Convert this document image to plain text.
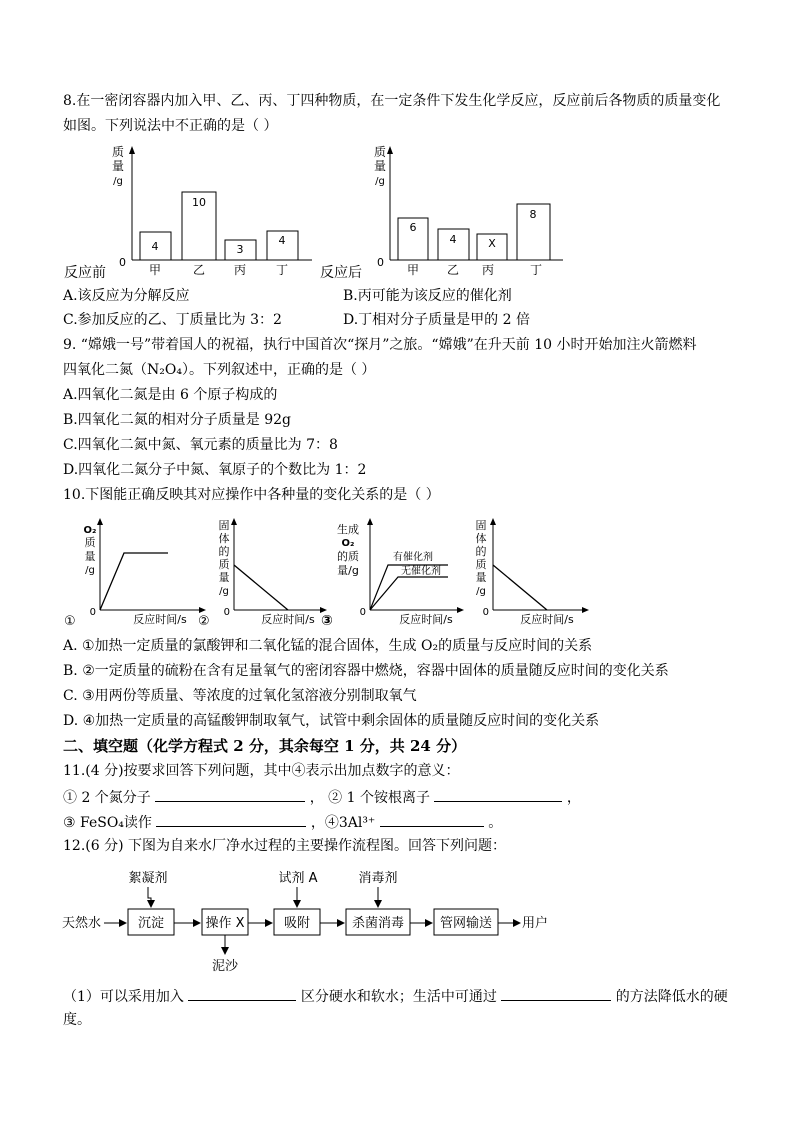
8.在一密闭容器内加入甲、乙、丙、丁四种物质，在一定条件下发生化学反应，反应前后各物质的质量变化
如图。下列说法中不正确的是（ ）
质
量
/g
0
4
10
3
4
甲	乙 丙 丁
反应前
质
量
/g
0
6
4	X
8
甲 乙 丙	丁
反应后
A.该反应为分解反应	B.丙可能为该反应的催化剂
C.参加反应的乙、丁质量比为 3：2	D.丁相对分子质量是甲的 2 倍
9. “嫦娥一号”带着国人的祝福，执行中国首次“探月”之旅。“嫦娥”在升天前 10 小时开始加注火箭燃料
四氧化二氮（N₂O₄）。下列叙述中，正确的是（ ）
A.四氧化二氮是由 6 个原子构成的
B.四氧化二氮的相对分子质量是 92g
C.四氧化二氮中氮、氧元素的质量比为 7：8
D.四氧化二氮分子中氮、氧原子的个数比为 1：2
10.下图能正确反映其对应操作中各种量的变化关系的是（ ）
O₂
质
量
/g
0
反应时间/s
①
固
体
的
质
量
/g
0
反应时间/s
②
生成
O₂
的质
量/g
有催化剂
无催化剂
0
反应时间/s
③
固
体
的
质
量
/g
0
反应时间/s
A. ①加热一定质量的氯酸钾和二氧化锰的混合固体，生成 O₂的质量与反应时间的关系
B. ②一定质量的硫粉在含有足量氧气的密闭容器中燃烧，容器中固体的质量随反应时间的变化关系
C. ③用两份等质量、等浓度的过氧化氢溶液分别制取氧气
D. ④加热一定质量的高锰酸钾制取氧气，试管中剩余固体的质量随反应时间的变化关系
二、填空题（化学方程式 2 分，其余每空 1 分，共 24 分）
11.(4 分)按要求回答下列问题，其中④表示出加点数字的意义：
① 2 个氮分子	， ② 1 个铵根离子	，
③ FeSO₄读作	，④3Al³⁺	。
12.(6 分) 下图为自来水厂净水过程的主要操作流程图。回答下列问题：
天然水	沉淀	操作 X	吸附	杀菌消毒	管网输送 用户
絮凝剂	试剂 A	消毒剂
泥沙
（1）可以采用加入	区分硬水和软水；生活中可通过	的方法降低水的硬
度。
